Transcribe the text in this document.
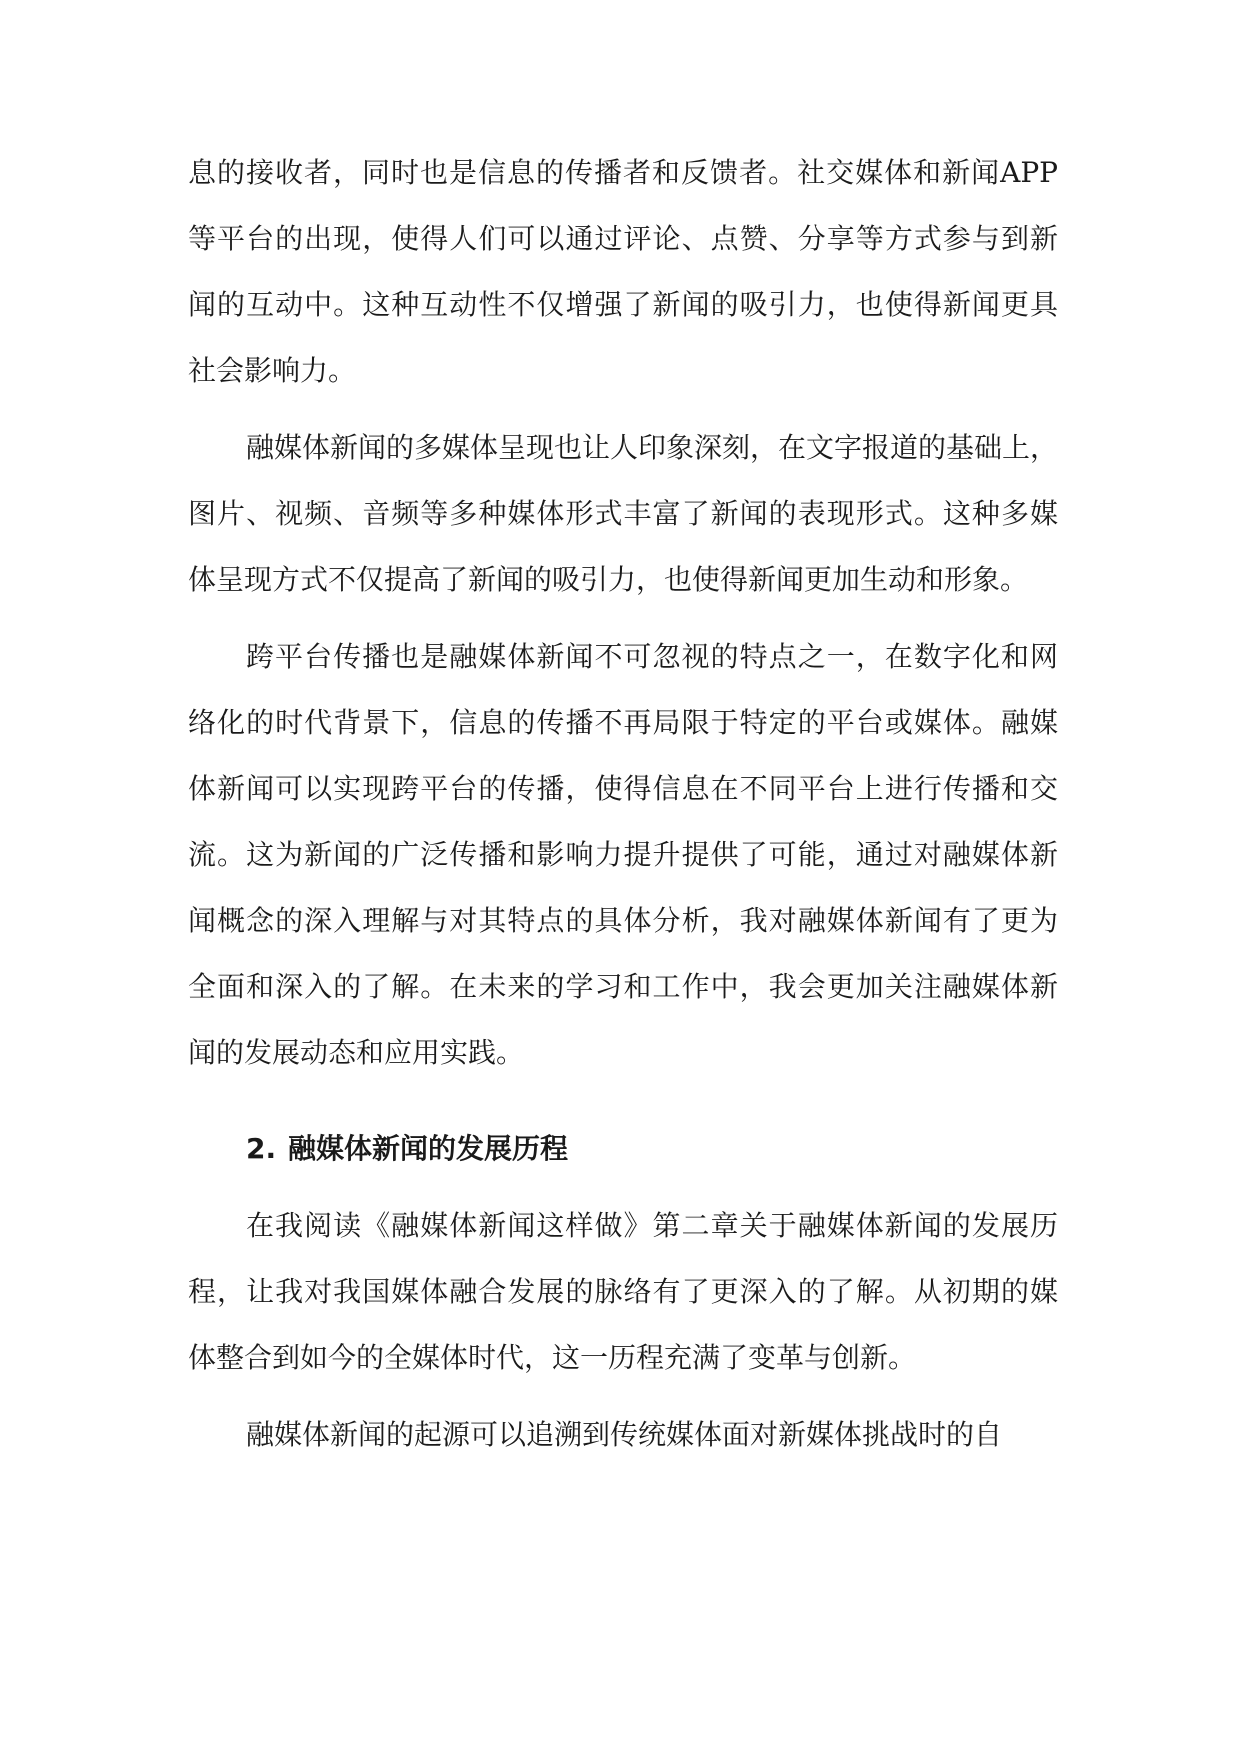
息的接收者，同时也是信息的传播者和反馈者。社交媒体和新闻APP
等平台的出现，使得人们可以通过评论、点赞、分享等方式参与到新
闻的互动中。这种互动性不仅增强了新闻的吸引力，也使得新闻更具
社会影响力。
融媒体新闻的多媒体呈现也让人印象深刻，在文字报道的基础上，
图片、视频、音频等多种媒体形式丰富了新闻的表现形式。这种多媒
体呈现方式不仅提高了新闻的吸引力，也使得新闻更加生动和形象。
跨平台传播也是融媒体新闻不可忽视的特点之一，在数字化和网
络化的时代背景下，信息的传播不再局限于特定的平台或媒体。融媒
体新闻可以实现跨平台的传播，使得信息在不同平台上进行传播和交
流。这为新闻的广泛传播和影响力提升提供了可能，通过对融媒体新
闻概念的深入理解与对其特点的具体分析，我对融媒体新闻有了更为
全面和深入的了解。在未来的学习和工作中，我会更加关注融媒体新
闻的发展动态和应用实践。
2. 融媒体新闻的发展历程
在我阅读《融媒体新闻这样做》第二章关于融媒体新闻的发展历
程，让我对我国媒体融合发展的脉络有了更深入的了解。从初期的媒
体整合到如今的全媒体时代，这一历程充满了变革与创新。
融媒体新闻的起源可以追溯到传统媒体面对新媒体挑战时的自
